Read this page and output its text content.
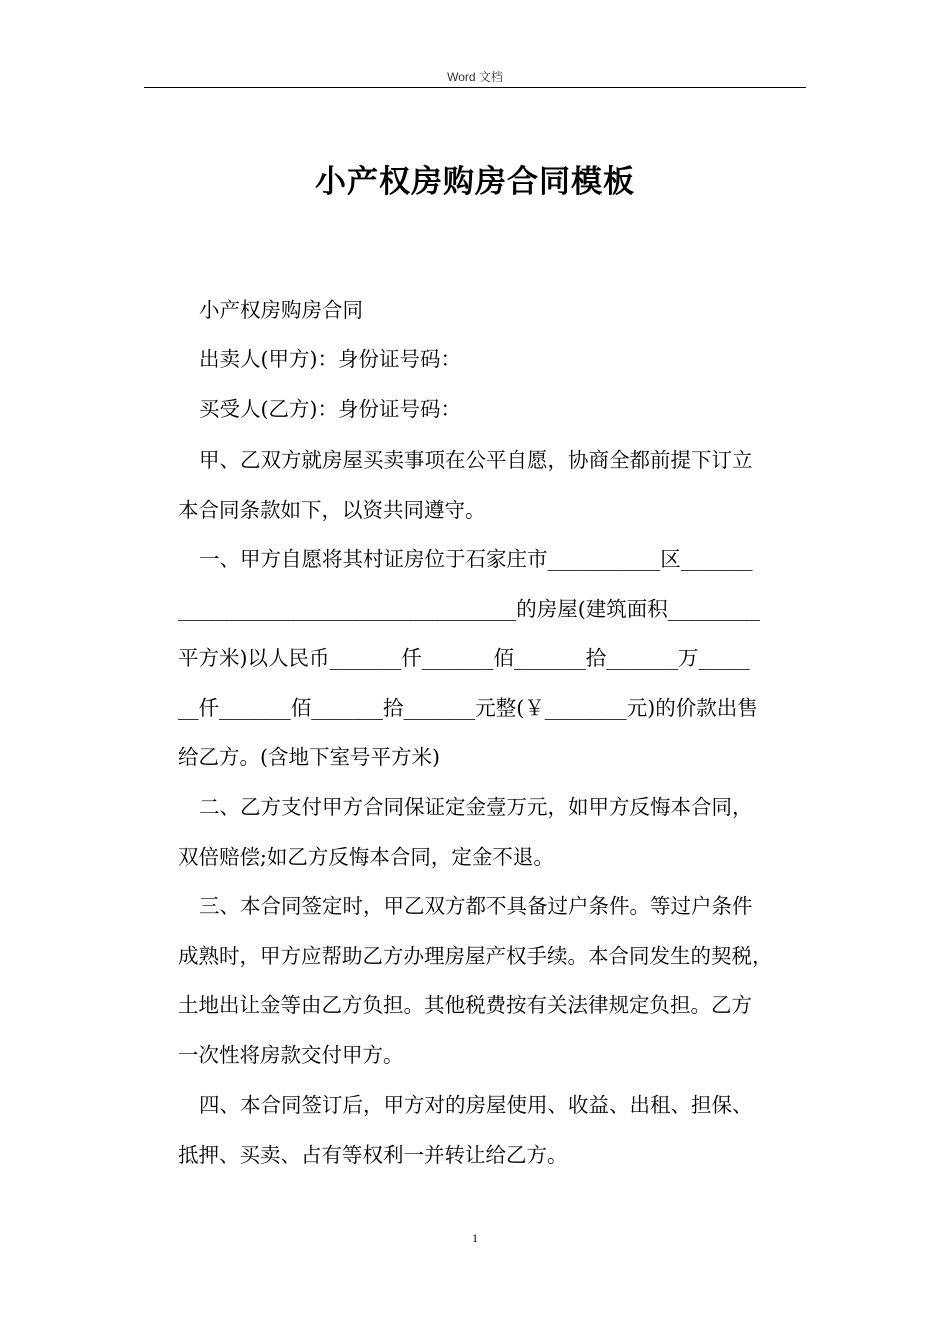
Word 文档
小产权房购房合同模板
小产权房购房合同
出卖人(甲方)：身份证号码：
买受人(乙方)：身份证号码：
甲、乙双方就房屋买卖事项在公平自愿，协商全都前提下订立
本合同条款如下，以资共同遵守。
一、甲方自愿将其村证房位于石家庄市___________区_______
_________________________________的房屋(建筑面积_________
平方米)以人民币_______仟_______佰_______拾_______万_____
__仟_______佰_______拾_______元整(￥________元)的价款出售
给乙方。(含地下室号平方米)
二、乙方支付甲方合同保证定金壹万元，如甲方反悔本合同，
双倍赔偿;如乙方反悔本合同，定金不退。
三、本合同签定时，甲乙双方都不具备过户条件。等过户条件
成熟时，甲方应帮助乙方办理房屋产权手续。本合同发生的契税，
土地出让金等由乙方负担。其他税费按有关法律规定负担。乙方
一次性将房款交付甲方。
四、本合同签订后，甲方对的房屋使用、收益、出租、担保、
抵押、买卖、占有等权利一并转让给乙方。
1
